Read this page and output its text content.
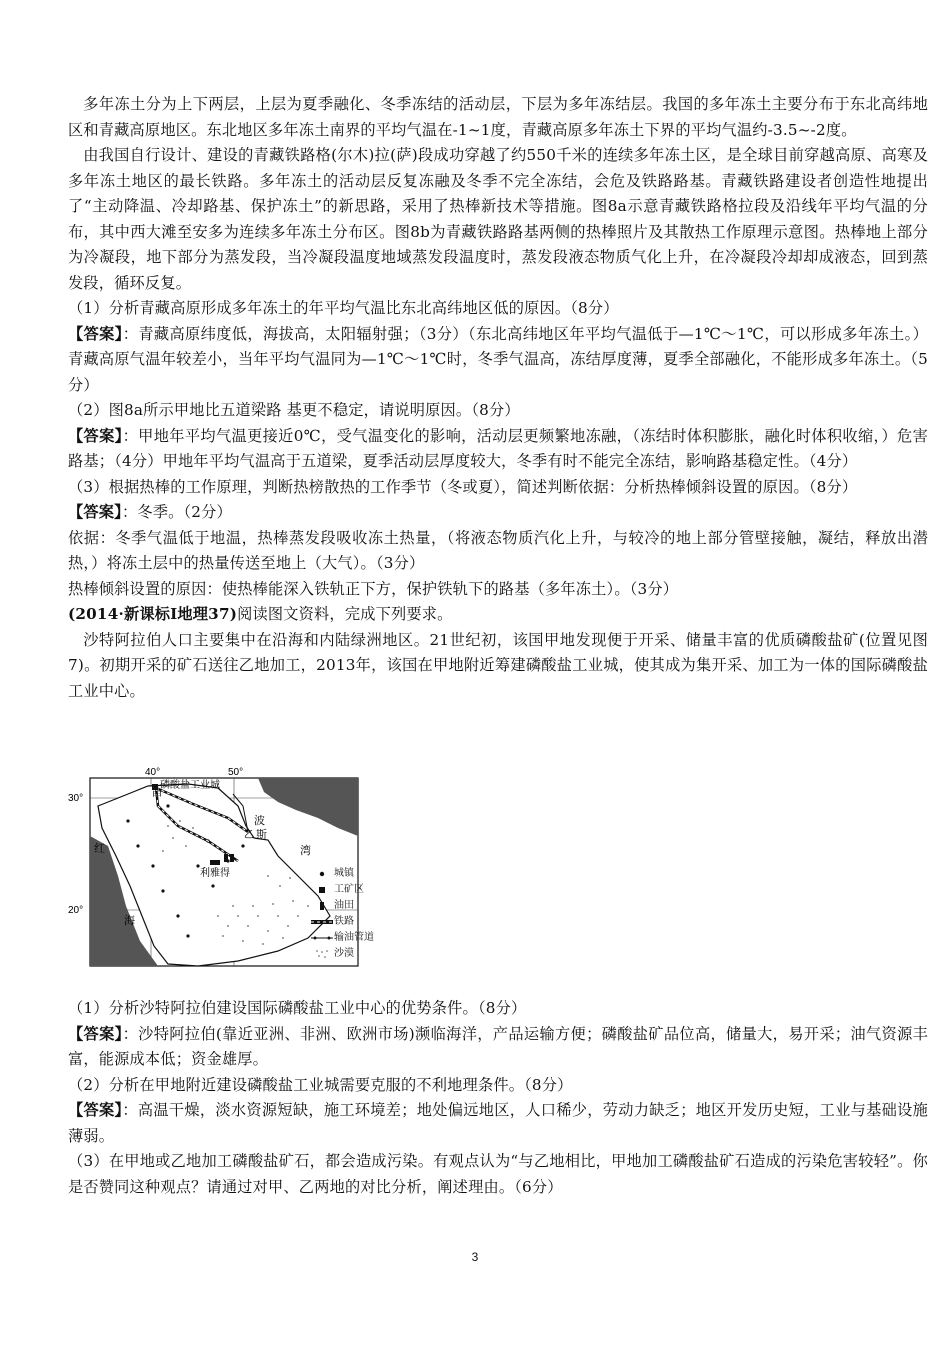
多年冻土分为上下两层，上层为夏季融化、冬季冻结的活动层，下层为多年冻结层。我国的多年冻土主要分布于东北高纬地区和青藏高原地区。东北地区多年冻土南界的平均气温在-1~1度，青藏高原多年冻土下界的平均气温约-3.5~-2度。

由我国自行设计、建设的青藏铁路格(尔木)拉(萨)段成功穿越了约550千米的连续多年冻土区，是全球目前穿越高原、高寒及多年冻土地区的最长铁路。多年冻土的活动层反复冻融及冬季不完全冻结，会危及铁路路基。青藏铁路建设者创造性地提出了“主动降温、冷却路基、保护冻土”的新思路，采用了热棒新技术等措施。图8a示意青藏铁路格拉段及沿线年平均气温的分布，其中西大滩至安多为连续多年冻土分布区。图8b为青藏铁路路基两侧的热棒照片及其散热工作原理示意图。热棒地上部分为冷凝段，地下部分为蒸发段，当冷凝段温度地域蒸发段温度时，蒸发段液态物质气化上升，在冷凝段冷却却成液态，回到蒸发段，循环反复。

（1）分析青藏高原形成多年冻土的年平均气温比东北高纬地区低的原因。（8分）

【答案】：青藏高原纬度低，海拔高，太阳辐射强；（3分）（东北高纬地区年平均气温低于—1℃～1℃，可以形成多年冻土。）青藏高原气温年较差小，当年平均气温同为—1℃～1℃时，冬季气温高，冻结厚度薄，夏季全部融化，不能形成多年冻土。（5分）

（2）图8a所示甲地比五道梁路 基更不稳定，请说明原因。（8分）

【答案】：甲地年平均气温更接近0℃，受气温变化的影响，活动层更频繁地冻融，（冻结时体积膨胀，融化时体积收缩，）危害路基；（4分）甲地年平均气温高于五道梁，夏季活动层厚度较大，冬季有时不能完全冻结，影响路基稳定性。（4分）

（3）根据热棒的工作原理，判断热榜散热的工作季节（冬或夏），简述判断依据：分析热棒倾斜设置的原因。（8分）

【答案】：冬季。（2分）

依据：冬季气温低于地温，热棒蒸发段吸收冻土热量，（将液态物质汽化上升，与较冷的地上部分管壁接触，凝结，释放出潜热，）将冻土层中的热量传送至地上（大气）。（3分）

热棒倾斜设置的原因：使热棒能深入铁轨正下方，保护铁轨下的路基（多年冻土）。（3分）

(2014·新课标Ⅰ地理37)阅读图文资料，完成下列要求。

沙特阿拉伯人口主要集中在沿海和内陆绿洲地区。21世纪初，该国甲地发现便于开采、储量丰富的优质磷酸盐矿(位置见图7)。初期开采的矿石送往乙地加工，2013年，该国在甲地附近筹建磷酸盐工业城，使其成为集开采、加工为一体的国际磷酸盐工业中心。

40°	50°
30°
20°
磷酸盐工业城
甲
乙
利雅得
红
海
波
斯
湾
城镇
工矿区
油田
铁路
输油管道
沙漠

（1）分析沙特阿拉伯建设国际磷酸盐工业中心的优势条件。（8分）

【答案】：沙特阿拉伯(靠近亚洲、非洲、欧洲市场)濒临海洋，产品运输方便；磷酸盐矿品位高，储量大，易开采；油气资源丰富，能源成本低；资金雄厚。

（2）分析在甲地附近建设磷酸盐工业城需要克服的不利地理条件。（8分）

【答案】：高温干燥，淡水资源短缺，施工环境差；地处偏远地区，人口稀少，劳动力缺乏；地区开发历史短，工业与基础设施薄弱。

（3）在甲地或乙地加工磷酸盐矿石，都会造成污染。有观点认为“与乙地相比，甲地加工磷酸盐矿石造成的污染危害较轻”。你是否赞同这种观点？请通过对甲、乙两地的对比分析，阐述理由。（6分）

3
